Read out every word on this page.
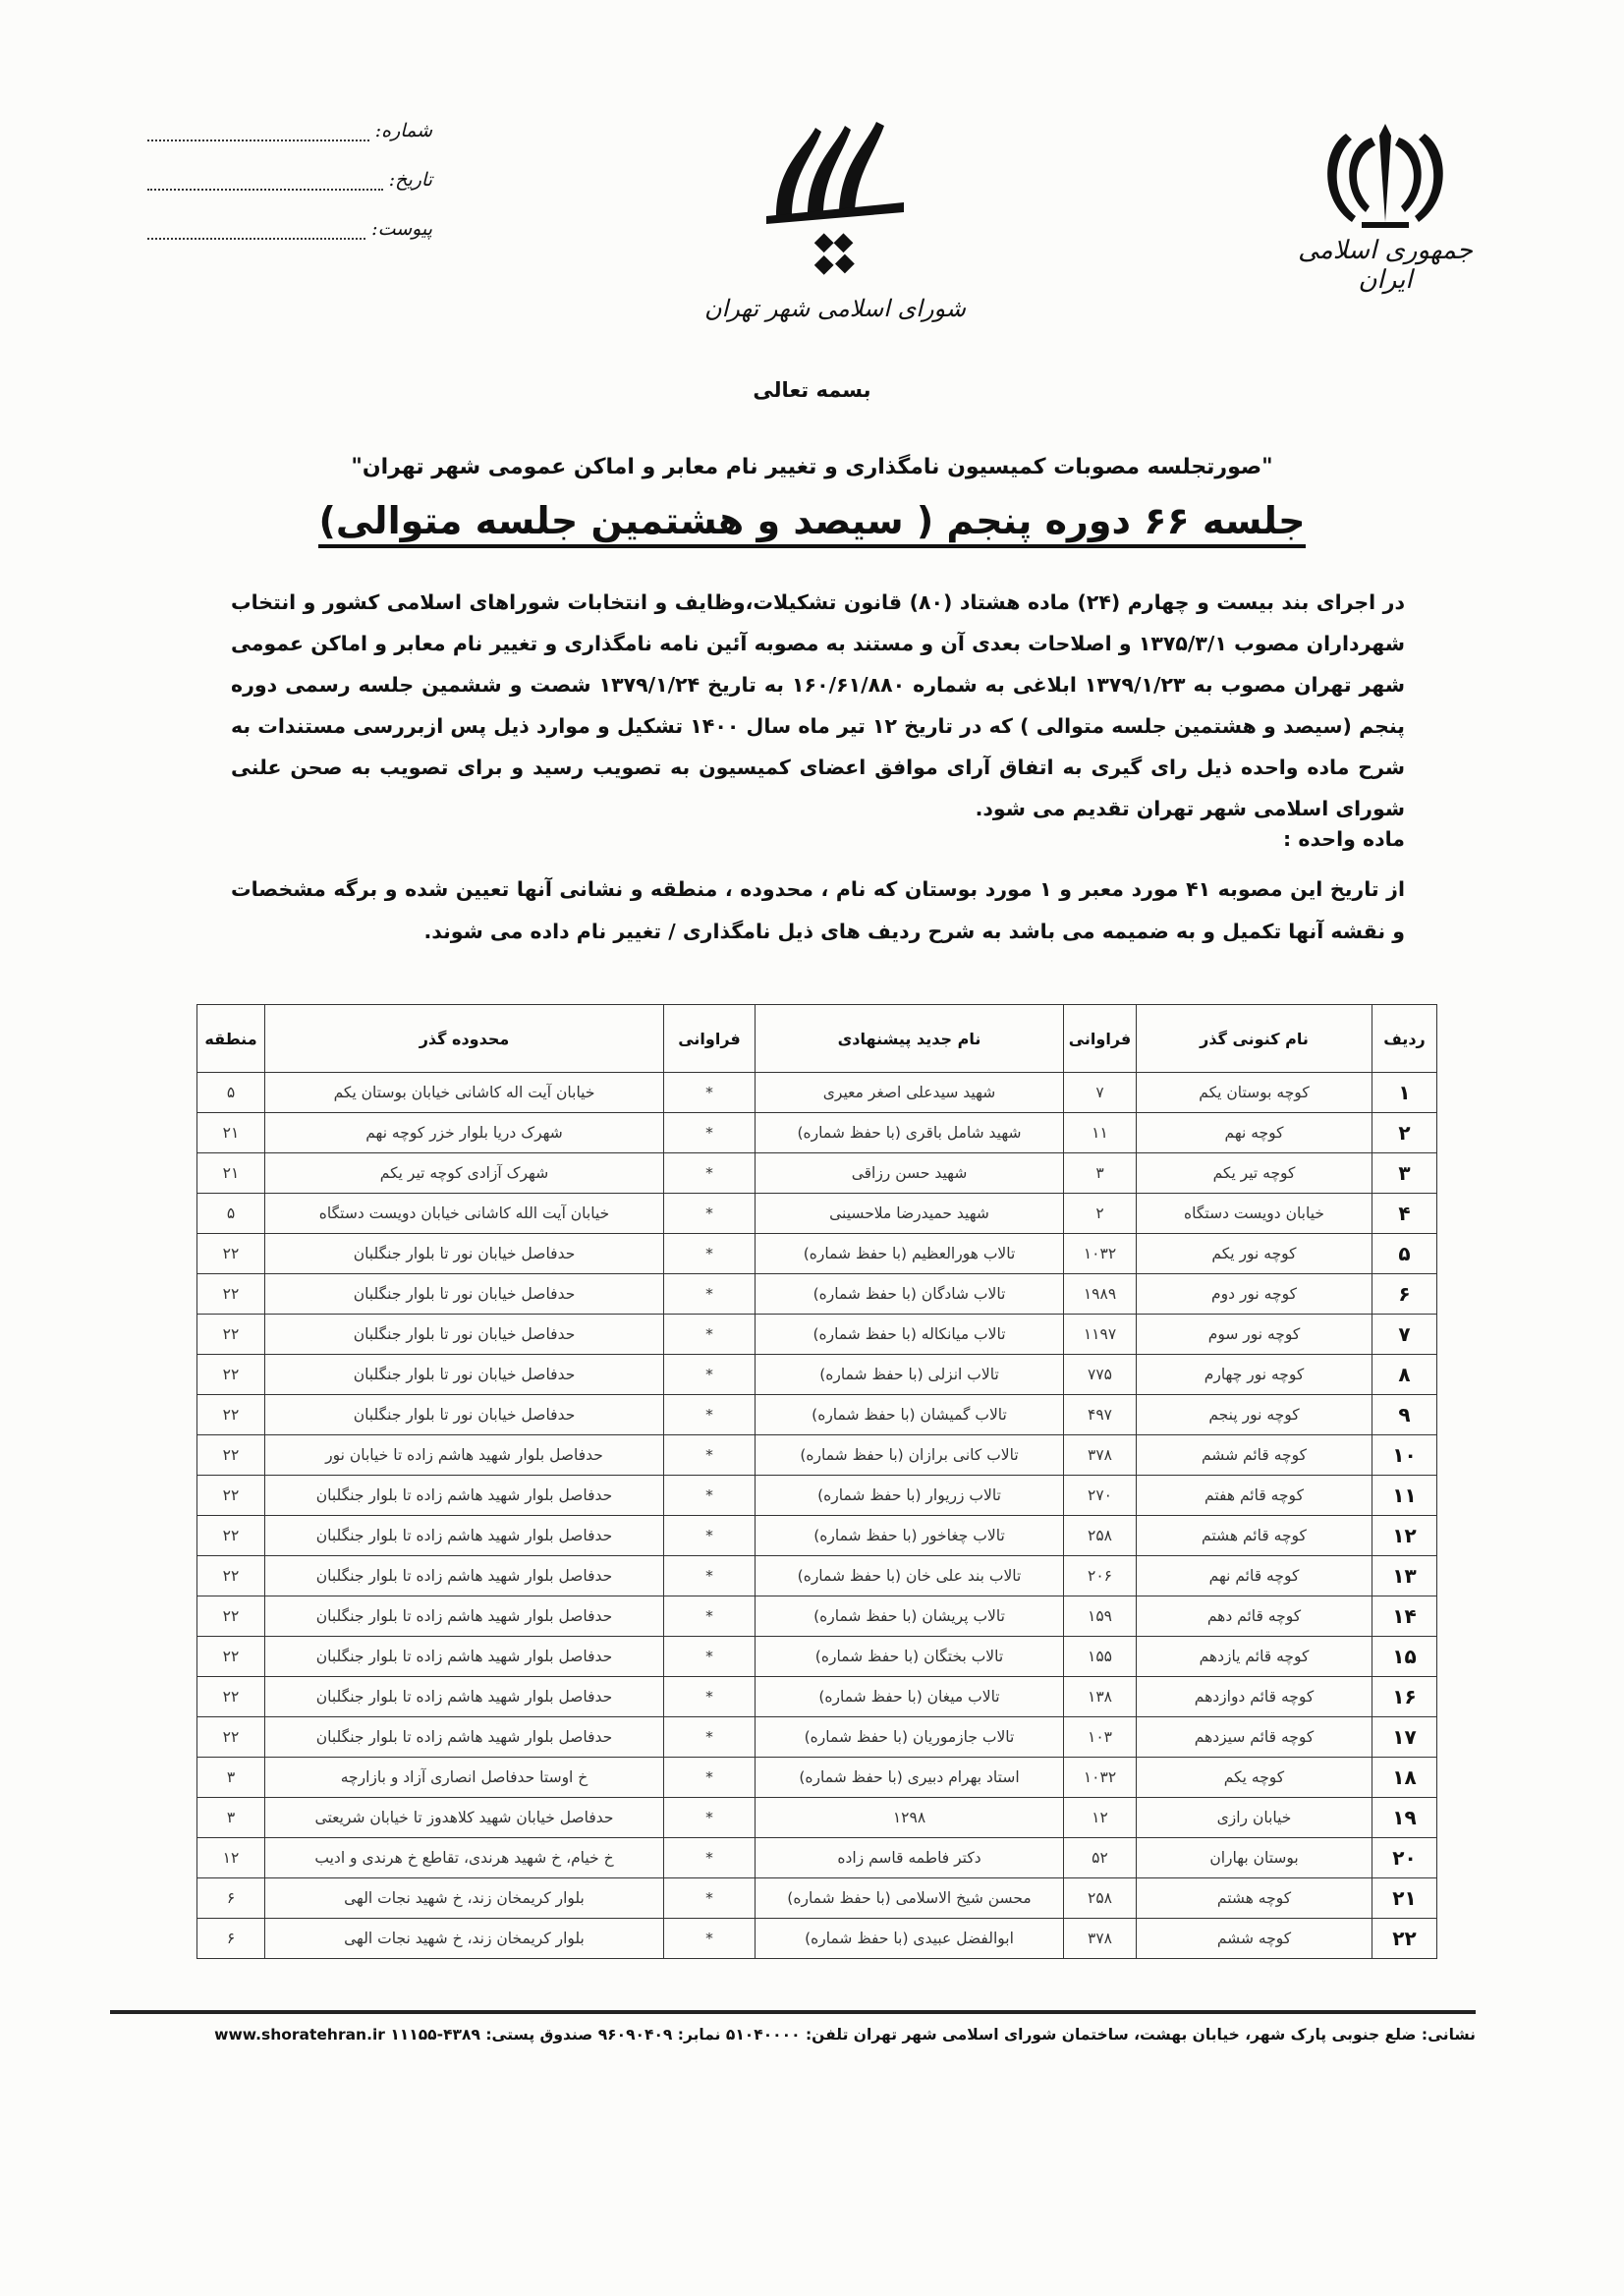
جمهوری اسلامی ایران
شورای اسلامی شهر تهران
شماره:
تاریخ:
پیوست:
بسمه تعالی
"صورتجلسه مصوبات کمیسیون نامگذاری و تغییر نام معابر و اماکن عمومی شهر تهران"
جلسه ۶۶ دوره پنجم ( سیصد و هشتمین جلسه متوالی)
در اجرای بند بیست و چهارم (۲۴) ماده هشتاد (۸۰) قانون تشکیلات،وظایف و انتخابات شوراهای اسلامی کشور و انتخاب شهرداران مصوب ۱۳۷۵/۳/۱ و اصلاحات بعدی آن و مستند به مصوبه آئین نامه نامگذاری و تغییر نام معابر و اماکن عمومی شهر تهران مصوب به ۱۳۷۹/۱/۲۳ ابلاغی به شماره ۱۶۰/۶۱/۸۸۰ به تاریخ ۱۳۷۹/۱/۲۴ شصت و ششمین جلسه رسمی دوره پنجم (سیصد و هشتمین جلسه متوالی ) که در تاریخ ۱۲ تیر ماه سال ۱۴۰۰ تشکیل و موارد ذیل پس ازبررسی مستندات به شرح ماده واحده ذیل رای گیری به اتفاق آرای موافق اعضای کمیسیون به تصویب رسید و برای تصویب به صحن علنی شورای اسلامی شهر تهران تقدیم می شود.
ماده واحده :
از تاریخ این مصوبه ۴۱ مورد معبر و ۱ مورد بوستان که نام ، محدوده ، منطقه و نشانی آنها تعیین شده و برگه مشخصات و نقشه آنها تکمیل و به ضمیمه می باشد به شرح ردیف های ذیل نامگذاری / تغییر نام داده می شوند.
ردیف	نام کنونی گذر	فراوانی	نام جدید پیشنهادی	فراوانی	محدوده گذر	منطقه
۱	کوچه بوستان یکم	۷	شهید سیدعلی اصغر معیری	*	خیابان آیت اله کاشانی خیابان بوستان یکم	۵
۲	کوچه نهم	۱۱	شهید شامل باقری (با حفظ شماره)	*	شهرک دریا بلوار خزر کوچه نهم	۲۱
۳	کوچه تیر یکم	۳	شهید حسن رزاقی	*	شهرک آزادی کوچه تیر یکم	۲۱
۴	خیابان دویست دستگاه	۲	شهید حمیدرضا ملاحسینی	*	خیابان آیت الله کاشانی خیابان دویست دستگاه	۵
۵	کوچه نور یکم	۱۰۳۲	تالاب هورالعظیم (با حفظ شماره)	*	حدفاصل خیابان نور تا بلوار جنگلبان	۲۲
۶	کوچه نور دوم	۱۹۸۹	تالاب شادگان (با حفظ شماره)	*	حدفاصل خیابان نور تا بلوار جنگلبان	۲۲
۷	کوچه نور سوم	۱۱۹۷	تالاب میانکاله (با حفظ شماره)	*	حدفاصل خیابان نور تا بلوار جنگلبان	۲۲
۸	کوچه نور چهارم	۷۷۵	تالاب انزلی (با حفظ شماره)	*	حدفاصل خیابان نور تا بلوار جنگلبان	۲۲
۹	کوچه نور پنجم	۴۹۷	تالاب گمیشان (با حفظ شماره)	*	حدفاصل خیابان نور تا بلوار جنگلبان	۲۲
۱۰	کوچه قائم ششم	۳۷۸	تالاب کانی برازان (با حفظ شماره)	*	حدفاصل بلوار شهید هاشم زاده تا خیابان نور	۲۲
۱۱	کوچه قائم هفتم	۲۷۰	تالاب زریوار (با حفظ شماره)	*	حدفاصل بلوار شهید هاشم زاده تا بلوار جنگلبان	۲۲
۱۲	کوچه قائم هشتم	۲۵۸	تالاب چغاخور (با حفظ شماره)	*	حدفاصل بلوار شهید هاشم زاده تا بلوار جنگلبان	۲۲
۱۳	کوچه قائم نهم	۲۰۶	تالاب بند علی خان (با حفظ شماره)	*	حدفاصل بلوار شهید هاشم زاده تا بلوار جنگلبان	۲۲
۱۴	کوچه قائم دهم	۱۵۹	تالاب پریشان (با حفظ شماره)	*	حدفاصل بلوار شهید هاشم زاده تا بلوار جنگلبان	۲۲
۱۵	کوچه قائم یازدهم	۱۵۵	تالاب بختگان (با حفظ شماره)	*	حدفاصل بلوار شهید هاشم زاده تا بلوار جنگلبان	۲۲
۱۶	کوچه قائم دوازدهم	۱۳۸	تالاب میغان (با حفظ شماره)	*	حدفاصل بلوار شهید هاشم زاده تا بلوار جنگلبان	۲۲
۱۷	کوچه قائم سیزدهم	۱۰۳	تالاب جازموریان (با حفظ شماره)	*	حدفاصل بلوار شهید هاشم زاده تا بلوار جنگلبان	۲۲
۱۸	کوچه یکم	۱۰۳۲	استاد بهرام دبیری (با حفظ شماره)	*	خ اوستا حدفاصل انصاری آزاد و بازارچه	۳
۱۹	خیابان رازی	۱۲	۱۲۹۸	*	حدفاصل خیابان شهید کلاهدوز تا خیابان شریعتی	۳
۲۰	بوستان بهاران	۵۲	دکتر فاطمه قاسم زاده	*	خ خیام، خ شهید هرندی، تقاطع خ هرندی و ادیب	۱۲
۲۱	کوچه هشتم	۲۵۸	محسن شیخ الاسلامی (با حفظ شماره)	*	بلوار کریمخان زند، خ شهید نجات الهی	۶
۲۲	کوچه ششم	۳۷۸	ابوالفضل عبیدی (با حفظ شماره)	*	بلوار کریمخان زند، خ شهید نجات الهی	۶
نشانی: ضلع جنوبی پارک شهر، خیابان بهشت، ساختمان شورای اسلامی شهر تهران تلفن: ۵۱۰۴۰۰۰۰ نمابر: ۹۶۰۹۰۴۰۹ صندوق پستی: ۴۳۸۹-۱۱۱۵۵ www.shoratehran.ir
